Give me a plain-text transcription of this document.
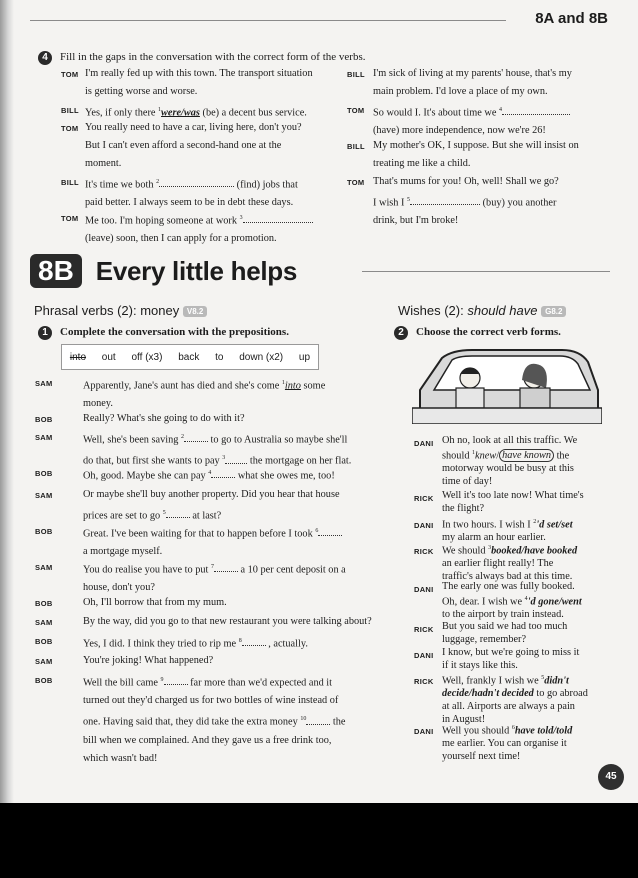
8A and 8B
4 Fill in the gaps in the conversation with the correct form of the verbs.
TOM I'm really fed up with this town. The transport situation
is getting worse and worse.
BILL Yes, if only there $^1$were/was (be) a decent bus service.
TOM You really need to have a car, living here, don't you?
But I can't even afford a second-hand one at the
moment.
BILL It's time we both $^2$	(find) jobs that
paid better. I always seem to be in debt these days.
TOM Me too. I'm hoping someone at work $^3$
(leave) soon, then I can apply for a promotion.
BILL I'm sick of living at my parents' house, that's my
main problem. I'd love a place of my own.
TOM So would I. It's about time we $^4$
(have) more independence, now we're 26!
BILL My mother's OK, I suppose. But she will insist on
treating me like a child.
TOM That's mums for you! Oh, well! Shall we go?
I wish I $^5$	(buy) you another
drink, but I'm broke!
8B Every little helps
Phrasal verbs (2): money V8.2
1 Complete the conversation with the prepositions.
into out off (x3) back to down (x2) up
SAM	Apparently, Jane's aunt has died and she's come $^1$into some
money.
BOB	Really? What's she going to do with it?
SAM	Well, she's been saving $^2$ to go to Australia so maybe she'll
do that, but first she wants to pay $^3$ the mortgage on her flat.
BOB	Oh, good. Maybe she can pay $^4$ what she owes me, too!
SAM	Or maybe she'll buy another property. Did you hear that house
prices are set to go $^5$ at last?
BOB	Great. I've been waiting for that to happen before I took $^6$
a mortgage myself.
SAM	You do realise you have to put $^7$ a 10 per cent deposit on a
house, don't you?
BOB	Oh, I'll borrow that from my mum.
SAM	By the way, did you go to that new restaurant you were talking about?
BOB	Yes, I did. I think they tried to rip me $^8$ , actually.
SAM	You're joking! What happened?
BOB	Well the bill came $^9$ far more than we'd expected and it
turned out they'd charged us for two bottles of wine instead of
one. Having said that, they did take the extra money $^{10}$ the
bill when we complained. And they gave us a free drink too,
which wasn't bad!
Wishes (2): should have G8.2
2 Choose the correct verb forms.
DANI Oh no, look at all this traffic. We
should $^1$knew/ have known the
motorway would be busy at this
time of day!
RICK Well it's too late now! What time's
the flight?
DANI In two hours. I wish I $^2$'d set/set
my alarm an hour earlier.
RICK We should $^3$booked/have booked
an earlier flight really! The
traffic's always bad at this time.
DANI The early one was fully booked.
Oh, dear. I wish we $^4$'d gone/went
to the airport by train instead.
RICK But you said we had too much
luggage, remember?
DANI I know, but we're going to miss it
if it stays like this.
RICK Well, frankly I wish we $^5$didn't
decide/hadn't decided to go abroad
at all. Airports are always a pain
in August!
DANI Well you should $^6$have told/told
me earlier. You can organise it
yourself next time!
45
